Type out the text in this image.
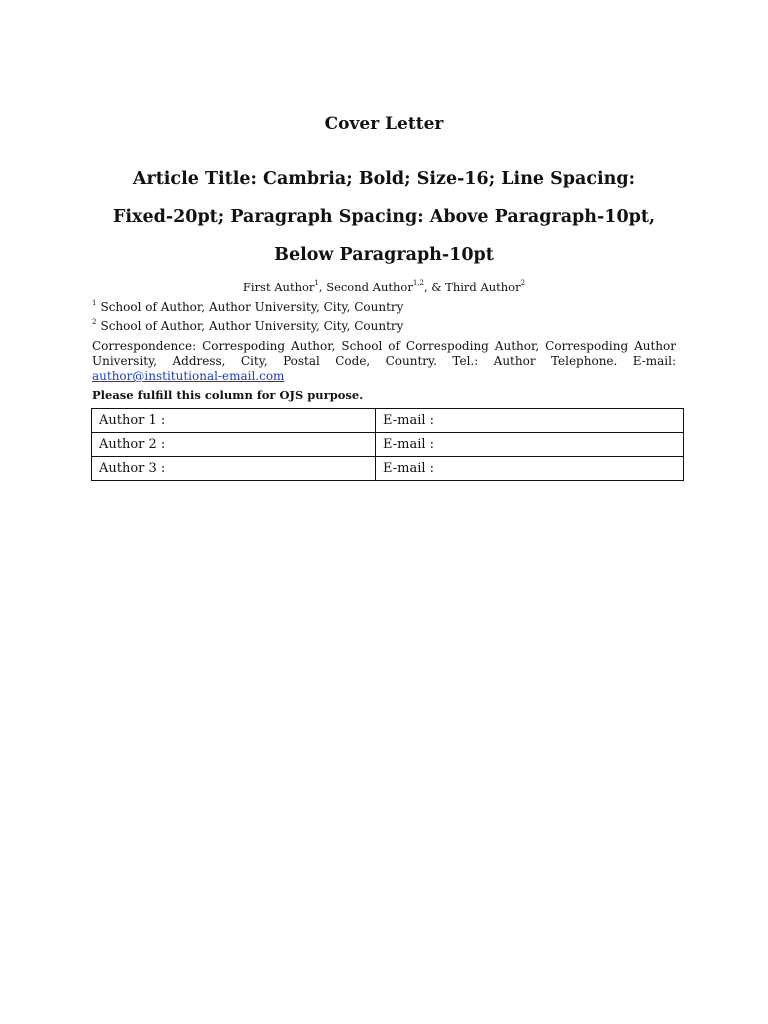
Cover Letter
Article Title: Cambria; Bold; Size-16; Line Spacing: Fixed-20pt; Paragraph Spacing: Above Paragraph-10pt, Below Paragraph-10pt
First Author$^1$, Second Author$^{1,2}$, & Third Author$^2$
$^1$ School of Author, Author University, City, Country
$^2$ School of Author, Author University, City, Country
Correspondence: Correspoding Author, School of Correspoding Author, Correspoding Author University, Address, City, Postal Code, Country. Tel.: Author Telephone. E-mail: author@institutional-email.com
Please fulfill this column for OJS purpose.
Author 1 :	E-mail :
Author 2 :	E-mail :
Author 3 :	E-mail :
